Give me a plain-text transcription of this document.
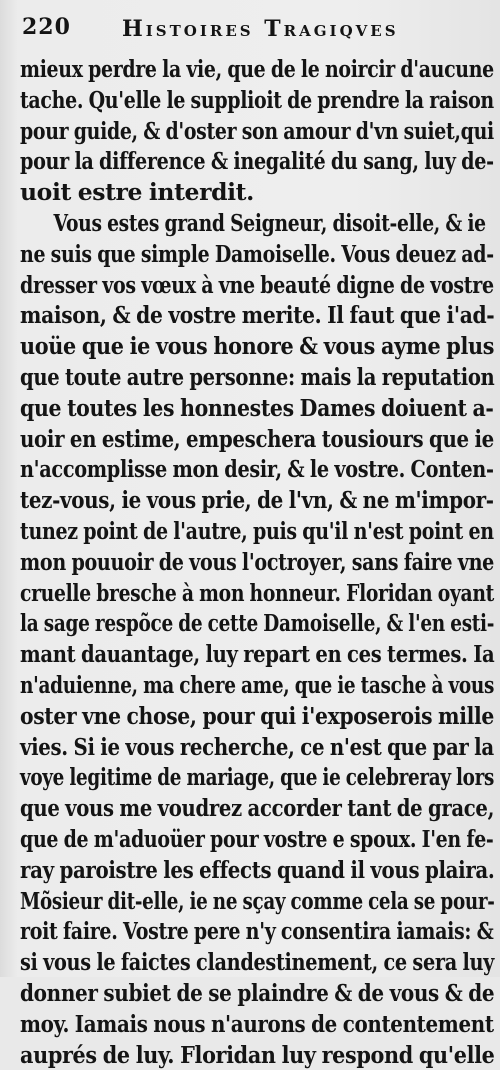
220 Histoires Tragiqves
mieux perdre la vie, que de le noircir d'aucune
tache. Qu'elle le supplioit de prendre la raison
pour guide, & d'oster son amour d'vn suiet,qui
pour la difference & inegalité du sang, luy de-
uoit estre interdit.
Vous estes grand Seigneur, disoit-elle, & ie
ne suis que simple Damoiselle. Vous deuez ad-
dresser vos vœux à vne beauté digne de vostre
maison, & de vostre merite. Il faut que i'ad-
uoüe que ie vous honore & vous ayme plus
que toute autre personne: mais la reputation
que toutes les honnestes Dames doiuent a-
uoir en estime, empeschera tousiours que ie
n'accomplisse mon desir, & le vostre. Conten-
tez-vous, ie vous prie, de l'vn, & ne m'impor-
tunez point de l'autre, puis qu'il n'est point en
mon pouuoir de vous l'octroyer, sans faire vne
cruelle bresche à mon honneur. Floridan oyant
la sage respõce de cette Damoiselle, & l'en esti-
mant dauantage, luy repart en ces termes. Ia
n'aduienne, ma chere ame, que ie tasche à vous
oster vne chose, pour qui i'exposerois mille
vies. Si ie vous recherche, ce n'est que par la
voye legitime de mariage, que ie celebreray lors
que vous me voudrez accorder tant de grace,
que de m'aduoüer pour vostre e spoux. I'en fe-
ray paroistre les effects quand il vous plaira.
Mõsieur dit-elle, ie ne sçay comme cela se pour-
roit faire. Vostre pere n'y consentira iamais: &
si vous le faictes clandestinement, ce sera luy
donner subiet de se plaindre & de vous & de
moy. Iamais nous n'aurons de contentement
auprés de luy. Floridan luy respond qu'elle
